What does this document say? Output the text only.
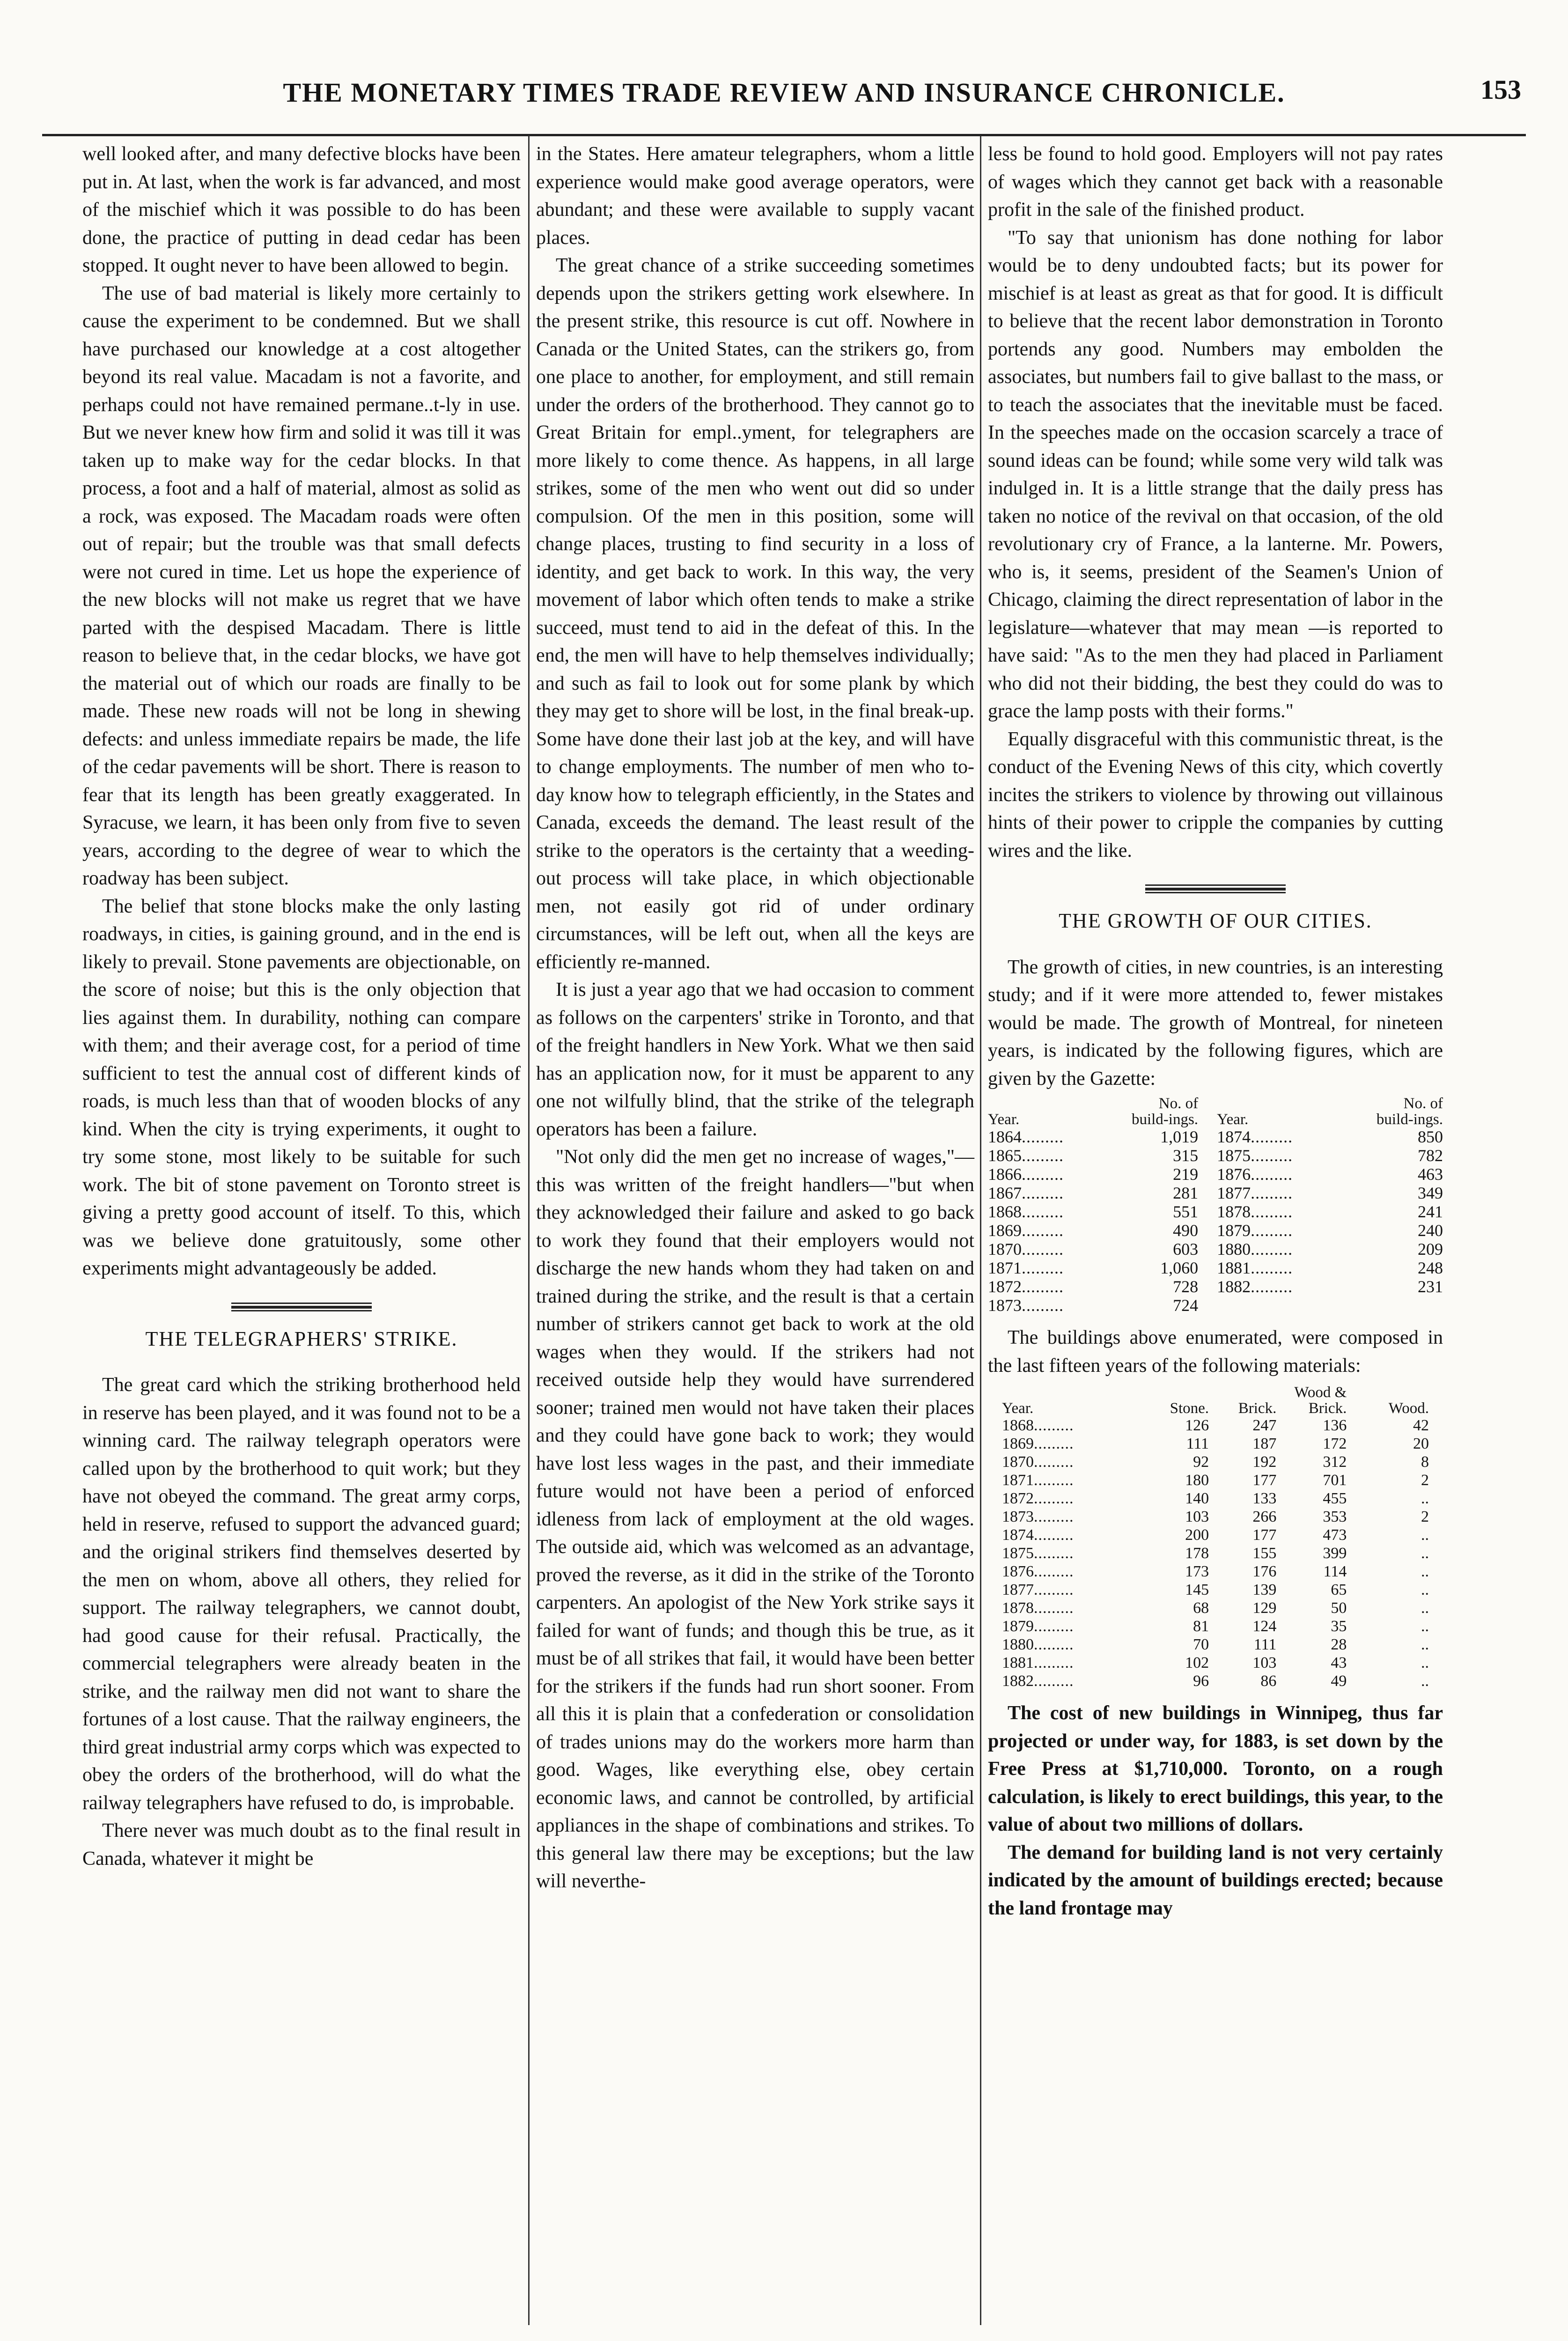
THE MONETARY TIMES TRADE REVIEW AND INSURANCE CHRONICLE.	153

well looked after, and many defective blocks have been put in. At last, when the work is far advanced, and most of the mischief which it was possible to do has been done, the practice of putting in dead cedar has been stopped. It ought never to have been allowed to begin.

The use of bad material is likely more certainly to cause the experiment to be condemned. But we shall have purchased our knowledge at a cost altogether beyond its real value. Macadam is not a favorite, and perhaps could not have remained permane..t-ly in use. But we never knew how firm and solid it was till it was taken up to make way for the cedar blocks. In that process, a foot and a half of material, almost as solid as a rock, was exposed. The Macadam roads were often out of repair; but the trouble was that small defects were not cured in time. Let us hope the experience of the new blocks will not make us regret that we have parted with the despised Macadam. There is little reason to believe that, in the cedar blocks, we have got the material out of which our roads are finally to be made. These new roads will not be long in shewing defects: and unless immediate repairs be made, the life of the cedar pavements will be short. There is reason to fear that its length has been greatly exaggerated. In Syracuse, we learn, it has been only from five to seven years, according to the degree of wear to which the roadway has been subject.

The belief that stone blocks make the only lasting roadways, in cities, is gaining ground, and in the end is likely to prevail. Stone pavements are objectionable, on the score of noise; but this is the only objection that lies against them. In durability, nothing can compare with them; and their average cost, for a period of time sufficient to test the annual cost of different kinds of roads, is much less than that of wooden blocks of any kind. When the city is trying experiments, it ought to try some stone, most likely to be suitable for such work. The bit of stone pavement on Toronto street is giving a pretty good account of itself. To this, which was we believe done gratuitously, some other experiments might advantageously be added.

THE TELEGRAPHERS' STRIKE.

The great card which the striking brotherhood held in reserve has been played, and it was found not to be a winning card. The railway telegraph operators were called upon by the brotherhood to quit work; but they have not obeyed the command. The great army corps, held in reserve, refused to support the advanced guard; and the original strikers find themselves deserted by the men on whom, above all others, they relied for support. The railway telegraphers, we cannot doubt, had good cause for their refusal. Practically, the commercial telegraphers were already beaten in the strike, and the railway men did not want to share the fortunes of a lost cause. That the railway engineers, the third great industrial army corps which was expected to obey the orders of the brotherhood, will do what the railway telegraphers have refused to do, is improbable.

There never was much doubt as to the final result in Canada, whatever it might be

in the States. Here amateur telegraphers, whom a little experience would make good average operators, were abundant; and these were available to supply vacant places.

The great chance of a strike succeeding sometimes depends upon the strikers getting work elsewhere. In the present strike, this resource is cut off. Nowhere in Canada or the United States, can the strikers go, from one place to another, for employment, and still remain under the orders of the brotherhood. They cannot go to Great Britain for empl..yment, for telegraphers are more likely to come thence. As happens, in all large strikes, some of the men who went out did so under compulsion. Of the men in this position, some will change places, trusting to find security in a loss of identity, and get back to work. In this way, the very movement of labor which often tends to make a strike succeed, must tend to aid in the defeat of this. In the end, the men will have to help themselves individually; and such as fail to look out for some plank by which they may get to shore will be lost, in the final break-up. Some have done their last job at the key, and will have to change employments. The number of men who to-day know how to telegraph efficiently, in the States and Canada, exceeds the demand. The least result of the strike to the operators is the certainty that a weeding-out process will take place, in which objectionable men, not easily got rid of under ordinary circumstances, will be left out, when all the keys are efficiently re-manned.

It is just a year ago that we had occasion to comment as follows on the carpenters' strike in Toronto, and that of the freight handlers in New York. What we then said has an application now, for it must be apparent to any one not wilfully blind, that the strike of the telegraph operators has been a failure.

"Not only did the men get no increase of wages,"—this was written of the freight handlers—"but when they acknowledged their failure and asked to go back to work they found that their employers would not discharge the new hands whom they had taken on and trained during the strike, and the result is that a certain number of strikers cannot get back to work at the old wages when they would. If the strikers had not received outside help they would have surrendered sooner; trained men would not have taken their places and they could have gone back to work; they would have lost less wages in the past, and their immediate future would not have been a period of enforced idleness from lack of employment at the old wages. The outside aid, which was welcomed as an advantage, proved the reverse, as it did in the strike of the Toronto carpenters. An apologist of the New York strike says it failed for want of funds; and though this be true, as it must be of all strikes that fail, it would have been better for the strikers if the funds had run short sooner. From all this it is plain that a confederation or consolidation of trades unions may do the workers more harm than good. Wages, like everything else, obey certain economic laws, and cannot be controlled, by artificial appliances in the shape of combinations and strikes. To this general law there may be exceptions; but the law will neverthe-

less be found to hold good. Employers will not pay rates of wages which they cannot get back with a reasonable profit in the sale of the finished product.

"To say that unionism has done nothing for labor would be to deny undoubted facts; but its power for mischief is at least as great as that for good. It is difficult to believe that the recent labor demonstration in Toronto portends any good. Numbers may embolden the associates, but numbers fail to give ballast to the mass, or to teach the associates that the inevitable must be faced. In the speeches made on the occasion scarcely a trace of sound ideas can be found; while some very wild talk was indulged in. It is a little strange that the daily press has taken no notice of the revival on that occasion, of the old revolutionary cry of France, a la lanterne. Mr. Powers, who is, it seems, president of the Seamen's Union of Chicago, claiming the direct representation of labor in the legislature—whatever that may mean —is reported to have said: "As to the men they had placed in Parliament who did not their bidding, the best they could do was to grace the lamp posts with their forms."

Equally disgraceful with this communistic threat, is the conduct of the Evening News of this city, which covertly incites the strikers to violence by throwing out villainous hints of their power to cripple the companies by cutting wires and the like.

THE GROWTH OF OUR CITIES.

The growth of cities, in new countries, is an interesting study; and if it were more attended to, fewer mistakes would be made. The growth of Montreal, for nineteen years, is indicated by the following figures, which are given by the Gazette:

Year.	No. of build-ings.	Year.	No. of build-ings.
1864.........	1,019	1874.........	850
1865.........	315	1875.........	782
1866.........	219	1876.........	463
1867.........	281	1877.........	349
1868.........	551	1878.........	241
1869.........	490	1879.........	240
1870.........	603	1880.........	209
1871.........	1,060	1881.........	248
1872.........	728	1882.........	231
1873.........	724		

The buildings above enumerated, were composed in the last fifteen years of the following materials:

Year.	Stone.	Brick.	Wood & Brick.	Wood.
1868.........	126	247	136	42
1869.........	111	187	172	20
1870.........	92	192	312	8
1871.........	180	177	701	2
1872.........	140	133	455	..
1873.........	103	266	353	2
1874.........	200	177	473	..
1875.........	178	155	399	..
1876.........	173	176	114	..
1877.........	145	139	65	..
1878.........	68	129	50	..
1879.........	81	124	35	..
1880.........	70	111	28	..
1881.........	102	103	43	..
1882.........	96	86	49	..

The cost of new buildings in Winnipeg, thus far projected or under way, for 1883, is set down by the Free Press at $1,710,000. Toronto, on a rough calculation, is likely to erect buildings, this year, to the value of about two millions of dollars.

The demand for building land is not very certainly indicated by the amount of buildings erected; because the land frontage may
